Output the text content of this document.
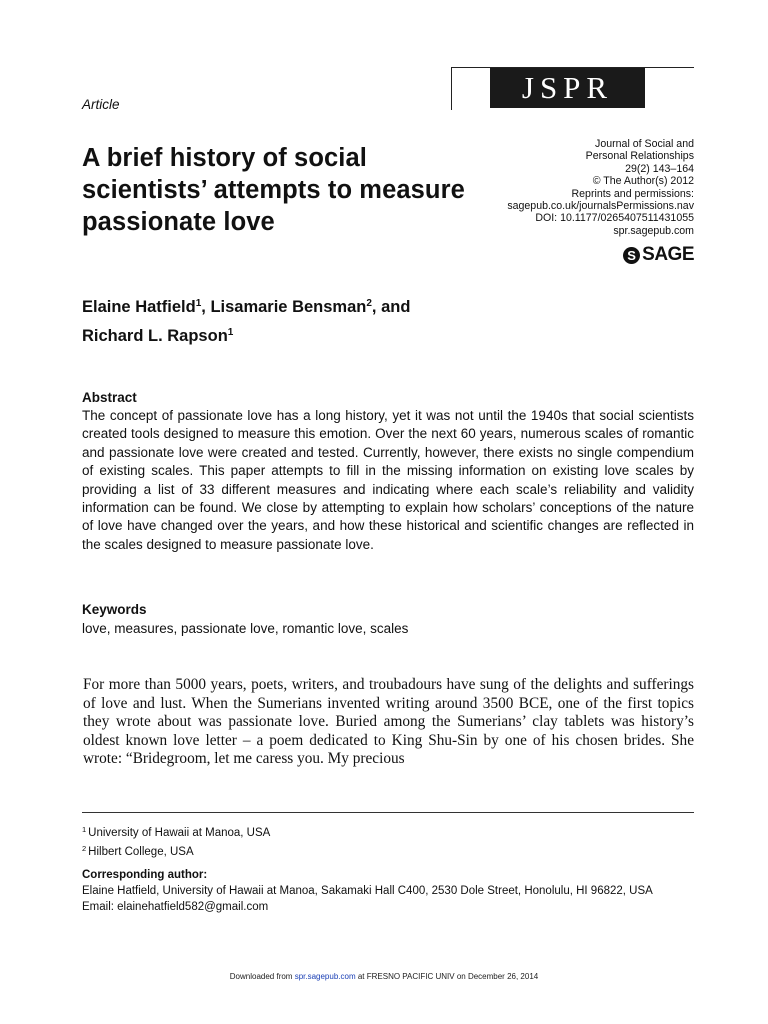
Article	JSPR
A brief history of social scientists’ attempts to measure passionate love
Journal of Social and
Personal Relationships
29(2) 143–164
© The Author(s) 2012
Reprints and permissions:
sagepub.co.uk/journalsPermissions.nav
DOI: 10.1177/0265407511431055
spr.sagepub.com
S SAGE

Elaine Hatfield$^1$, Lisamarie Bensman$^2$, and
Richard L. Rapson$^1$

Abstract

The concept of passionate love has a long history, yet it was not until the 1940s that social scientists created tools designed to measure this emotion. Over the next 60 years, numerous scales of romantic and passionate love were created and tested. Currently, however, there exists no single compendium of existing scales. This paper attempts to fill in the missing information on existing love scales by providing a list of 33 different measures and indicating where each scale’s reliability and validity information can be found. We close by attempting to explain how scholars’ conceptions of the nature of love have changed over the years, and how these historical and scientific changes are reflected in the scales designed to measure passionate love.

Keywords
love, measures, passionate love, romantic love, scales

For more than 5000 years, poets, writers, and troubadours have sung of the delights and sufferings of love and lust. When the Sumerians invented writing around 3500 BCE, one of the first topics they wrote about was passionate love. Buried among the Sumerians’ clay tablets was history’s oldest known love letter – a poem dedicated to King Shu-Sin by one of his chosen brides. She wrote: “Bridegroom, let me caress you. My precious

$^1$ University of Hawaii at Manoa, USA
$^2$ Hilbert College, USA
Corresponding author:
Elaine Hatfield, University of Hawaii at Manoa, Sakamaki Hall C400, 2530 Dole Street, Honolulu, HI 96822, USA
Email: elainehatfield582@gmail.com
Downloaded from spr.sagepub.com at FRESNO PACIFIC UNIV on December 26, 2014
